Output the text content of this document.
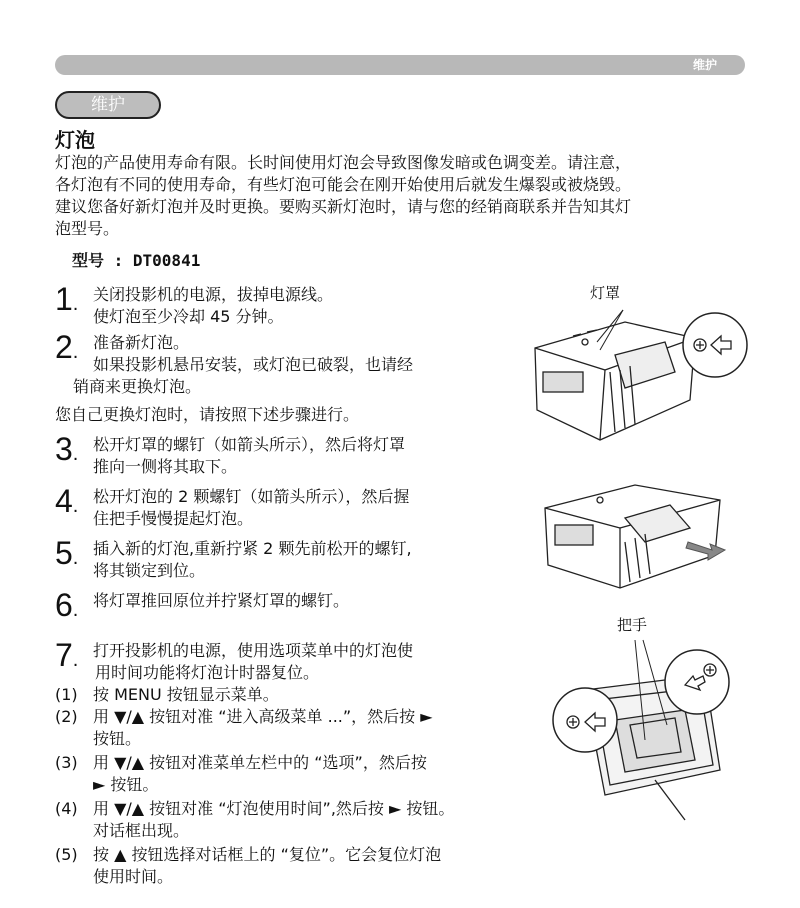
维护
维护
灯泡
灯泡的产品使用寿命有限。长时间使用灯泡会导致图像发暗或色调变差。请注意，
各灯泡有不同的使用寿命，有些灯泡可能会在刚开始使用后就发生爆裂或被烧毁。
建议您备好新灯泡并及时更换。要购买新灯泡时，请与您的经销商联系并告知其灯
泡型号。
型号 : DT00841
1 .	关闭投影机的电源，拔掉电源线。
使灯泡至少冷却 45 分钟。
2 .	准备新灯泡。
如果投影机悬吊安装，或灯泡已破裂，也请经
销商来更换灯泡。
您自己更换灯泡时，请按照下述步骤进行。
3 .	松开灯罩的螺钉（如箭头所示），然后将灯罩
推向一侧将其取下。
4 .	松开灯泡的 2 颗螺钉（如箭头所示），然后握
住把手慢慢提起灯泡。
5 .	插入新的灯泡,重新拧紧 2 颗先前松开的螺钉,
将其锁定到位。
6 .	将灯罩推回原位并拧紧灯罩的螺钉。
7 .	打开投影机的电源，使用选项菜单中的灯泡使
用时间功能将灯泡计时器复位。
(1) 按 MENU 按钮显示菜单。
(2) 用 ▼/▲ 按钮对准 “进入高级菜单 ...”，然后按 ►
按钮。
(3) 用 ▼/▲ 按钮对准菜单左栏中的 “选项”，然后按
► 按钮。
(4) 用 ▼/▲ 按钮对准 “灯泡使用时间”,然后按 ► 按钮。
对话框出现。
(5) 按 ▲ 按钮选择对话框上的 “复位”。它会复位灯泡
使用时间。
灯罩
把手
